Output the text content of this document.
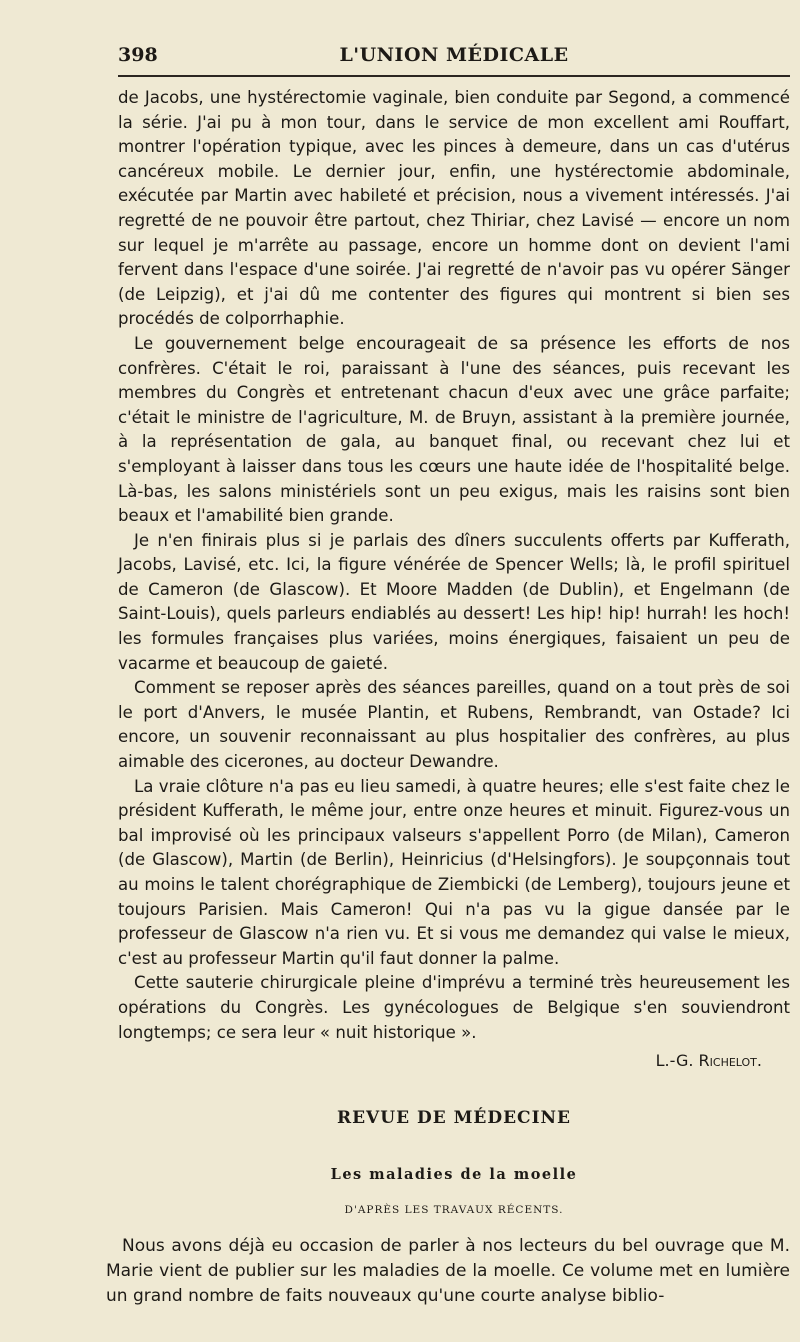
398	L'UNION MÉDICALE

de Jacobs, une hystérectomie vaginale, bien conduite par Segond, a commencé la série. J'ai pu à mon tour, dans le service de mon excellent ami Rouffart, montrer l'opération typique, avec les pinces à demeure, dans un cas d'utérus cancéreux mobile. Le dernier jour, enfin, une hystérectomie abdominale, exécutée par Martin avec habileté et précision, nous a vivement intéressés. J'ai regretté de ne pouvoir être partout, chez Thiriar, chez Lavisé — encore un nom sur lequel je m'arrête au passage, encore un homme dont on devient l'ami fervent dans l'espace d'une soirée. J'ai regretté de n'avoir pas vu opérer Sänger (de Leipzig), et j'ai dû me contenter des figures qui montrent si bien ses procédés de colporrhaphie.

Le gouvernement belge encourageait de sa présence les efforts de nos confrères. C'était le roi, paraissant à l'une des séances, puis recevant les membres du Congrès et entretenant chacun d'eux avec une grâce parfaite; c'était le ministre de l'agriculture, M. de Bruyn, assistant à la première journée, à la représentation de gala, au banquet final, ou recevant chez lui et s'employant à laisser dans tous les cœurs une haute idée de l'hospitalité belge. Là-bas, les salons ministériels sont un peu exigus, mais les raisins sont bien beaux et l'amabilité bien grande.

Je n'en finirais plus si je parlais des dîners succulents offerts par Kufferath, Jacobs, Lavisé, etc. Ici, la figure vénérée de Spencer Wells; là, le profil spirituel de Cameron (de Glascow). Et Moore Madden (de Dublin), et Engelmann (de Saint-Louis), quels parleurs endiablés au dessert! Les hip! hip! hurrah! les hoch! les formules françaises plus variées, moins énergiques, faisaient un peu de vacarme et beaucoup de gaieté.

Comment se reposer après des séances pareilles, quand on a tout près de soi le port d'Anvers, le musée Plantin, et Rubens, Rembrandt, van Ostade? Ici encore, un souvenir reconnaissant au plus hospitalier des confrères, au plus aimable des cicerones, au docteur Dewandre.

La vraie clôture n'a pas eu lieu samedi, à quatre heures; elle s'est faite chez le président Kufferath, le même jour, entre onze heures et minuit. Figurez-vous un bal improvisé où les principaux valseurs s'appellent Porro (de Milan), Cameron (de Glascow), Martin (de Berlin), Heinricius (d'Helsingfors). Je soupçonnais tout au moins le talent chorégraphique de Ziembicki (de Lemberg), toujours jeune et toujours Parisien. Mais Cameron! Qui n'a pas vu la gigue dansée par le professeur de Glascow n'a rien vu. Et si vous me demandez qui valse le mieux, c'est au professeur Martin qu'il faut donner la palme.

Cette sauterie chirurgicale pleine d'imprévu a terminé très heureusement les opérations du Congrès. Les gynécologues de Belgique s'en souviendront longtemps; ce sera leur « nuit historique ».

L.-G. Richelot.
REVUE DE MÉDECINE
Les maladies de la moelle
D'APRÈS LES TRAVAUX RÉCENTS.

Nous avons déjà eu occasion de parler à nos lecteurs du bel ouvrage que M. Marie vient de publier sur les maladies de la moelle. Ce volume met en lumière un grand nombre de faits nouveaux qu'une courte analyse biblio-
